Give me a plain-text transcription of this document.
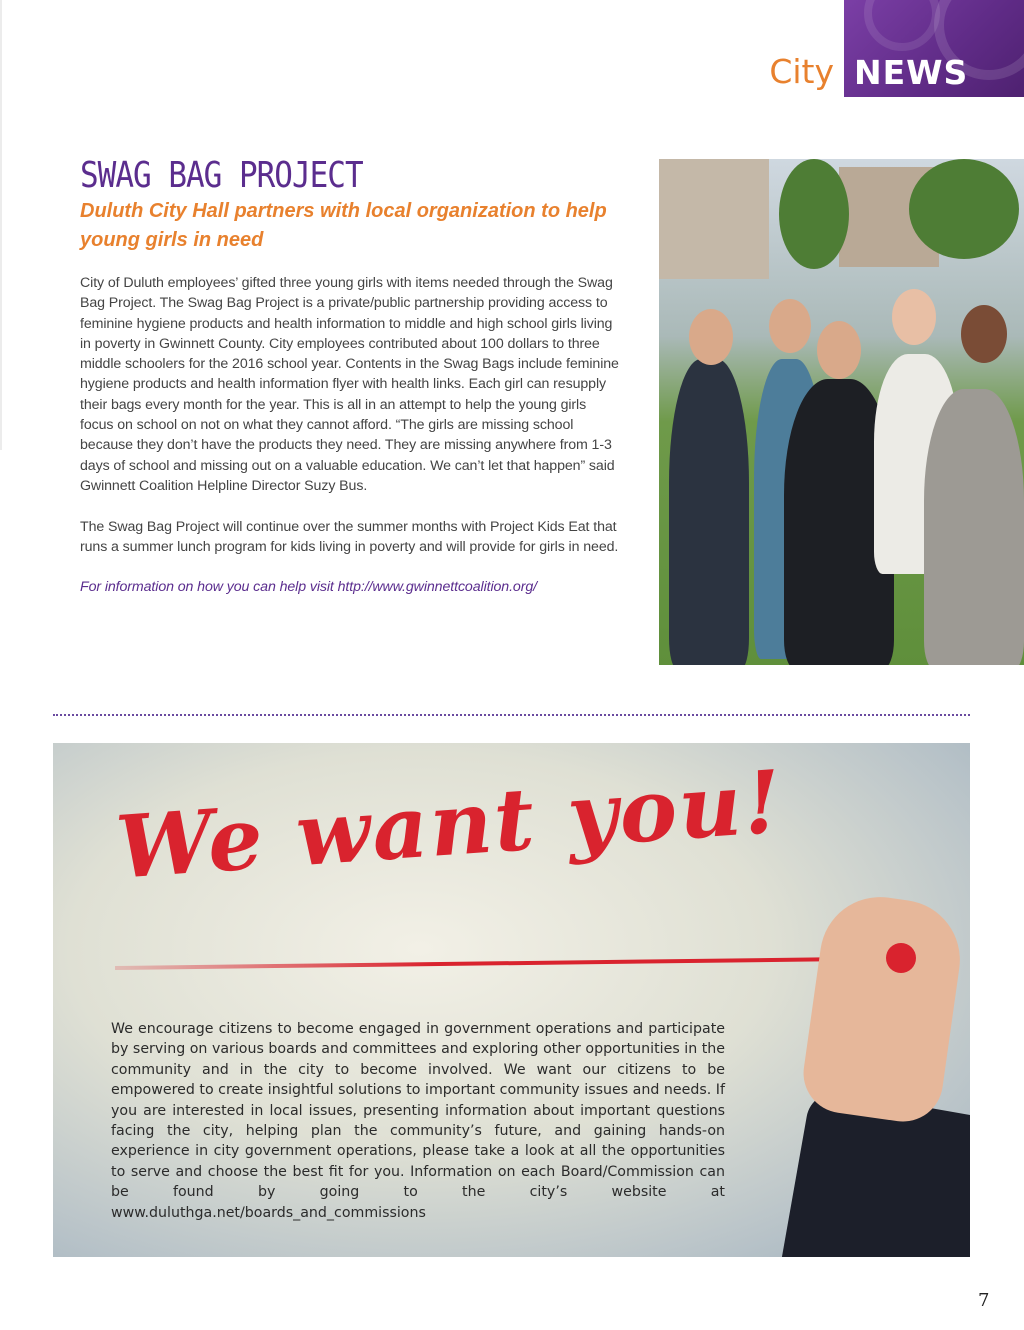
City NEWS
SWAG BAG PROJECT
Duluth City Hall partners with local organization to help young girls in need

City of Duluth employees’ gifted three young girls with items needed through the Swag Bag Project. The Swag Bag Project is a private/public partnership providing access to feminine hygiene products and health information to middle and high school girls living in poverty in Gwinnett County. City employees contributed about 100 dollars to three middle schoolers for the 2016 school year. Contents in the Swag Bags include feminine hygiene products and health information flyer with health links. Each girl can resupply their bags every month for the year. This is all in an attempt to help the young girls focus on school on not on what they cannot afford. “The girls are missing school because they don’t have the products they need. They are missing anywhere from 1-3 days of school and missing out on a valuable education. We can’t let that happen” said Gwinnett Coalition Helpline Director Suzy Bus.

The Swag Bag Project will continue over the summer months with Project Kids Eat that runs a summer lunch program for kids living in poverty and will provide for girls in need.

For information on how you can help visit http://www.gwinnettcoalition.org/

We want you!

We encourage citizens to become engaged in government operations and participate by serving on various boards and committees and exploring other opportunities in the community and in the city to become involved. We want our citizens to be empowered to create insightful solutions to important community issues and needs. If you are interested in local issues, presenting information about important questions facing the city, helping plan the community’s future, and gaining hands-on experience in city government operations, please take a look at all the opportunities to serve and choose the best fit for you. Information on each Board/Commission can be found by going to the city’s website at www.duluthga.net/boards_and_commissions

7
